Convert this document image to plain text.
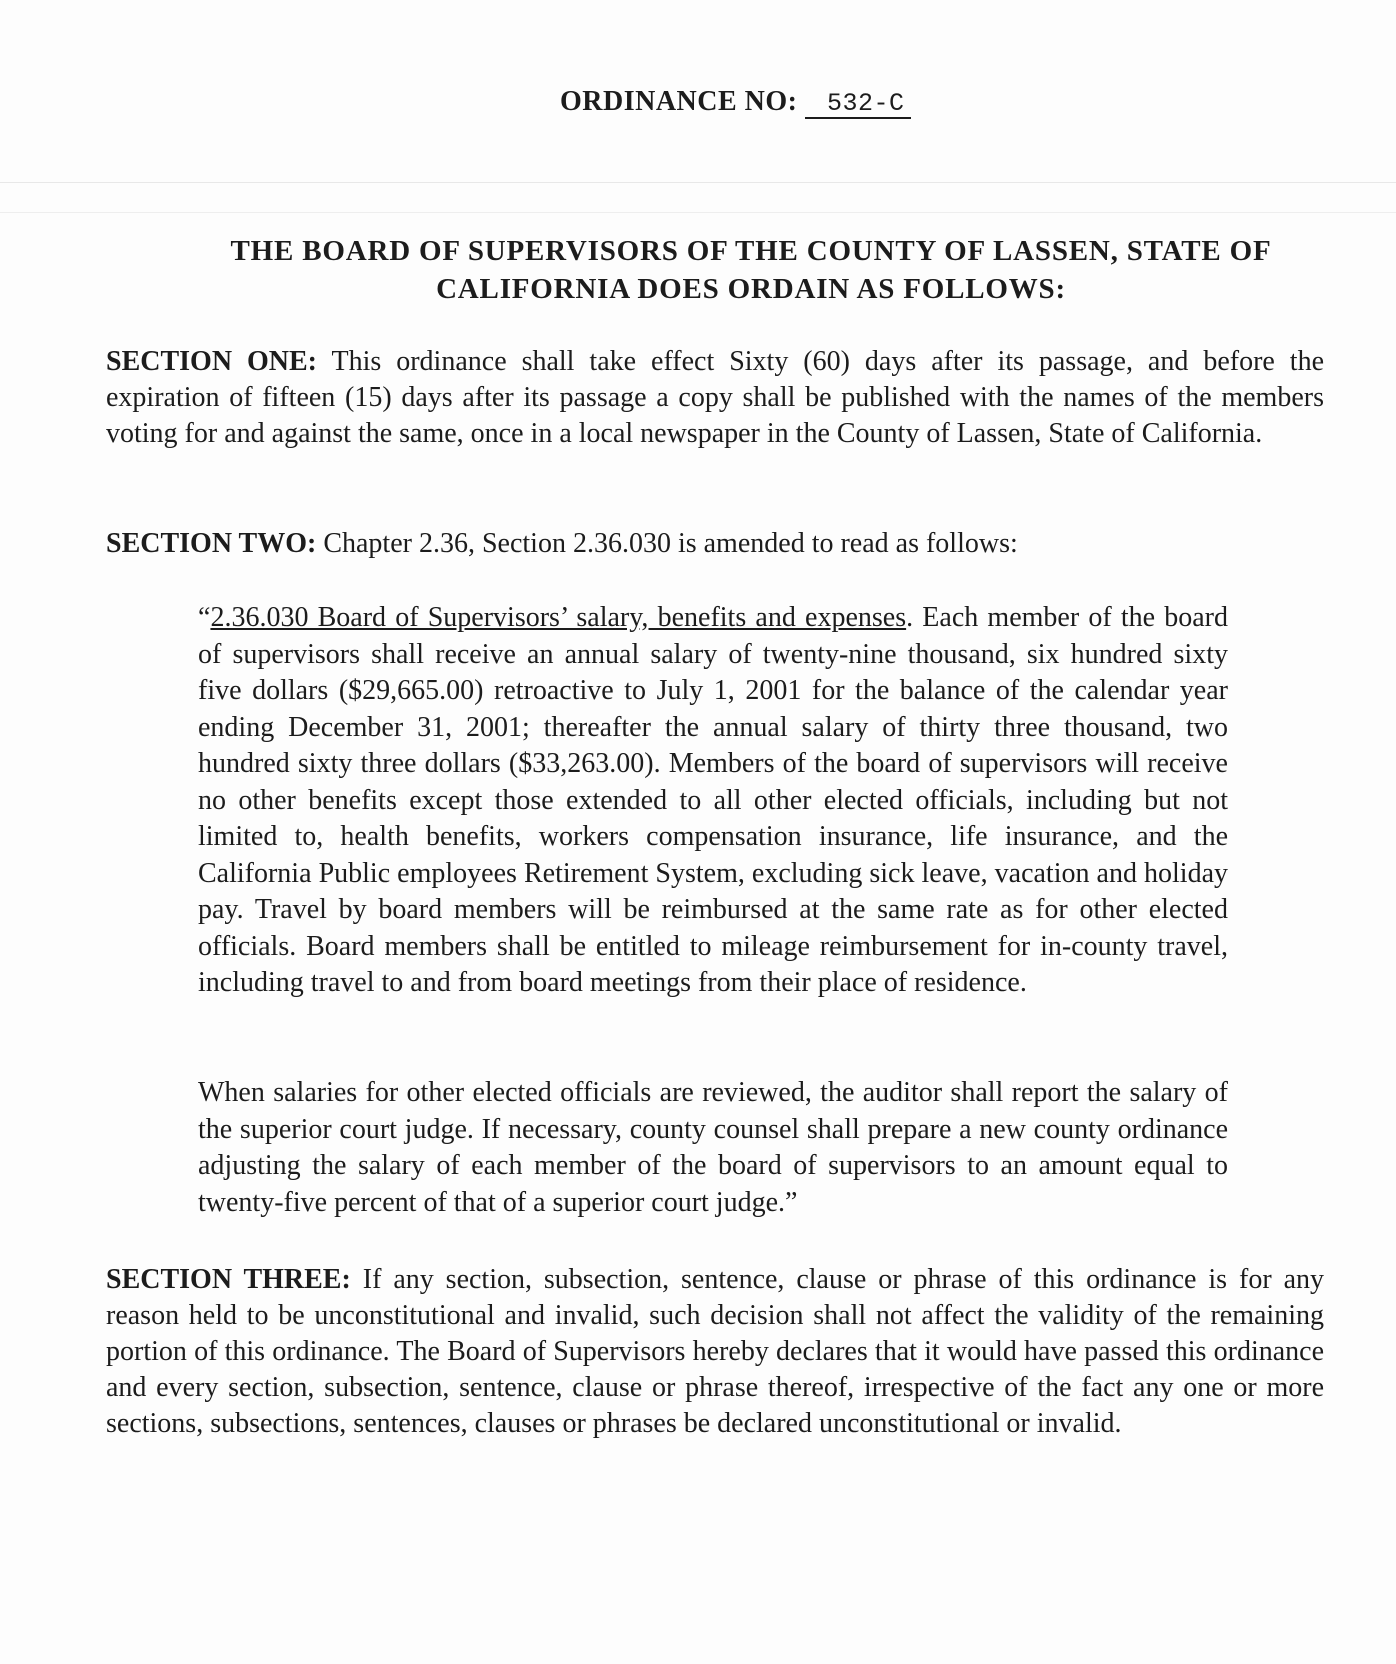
ORDINANCE NO: 532-C
THE BOARD OF SUPERVISORS OF THE COUNTY OF LASSEN, STATE OF CALIFORNIA DOES ORDAIN AS FOLLOWS:
SECTION ONE: This ordinance shall take effect Sixty (60) days after its passage, and before the expiration of fifteen (15) days after its passage a copy shall be published with the names of the members voting for and against the same, once in a local newspaper in the County of Lassen, State of California.
SECTION TWO: Chapter 2.36, Section 2.36.030 is amended to read as follows:
“2.36.030 Board of Supervisors’ salary, benefits and expenses. Each member of the board of supervisors shall receive an annual salary of twenty-nine thousand, six hundred sixty five dollars ($29,665.00) retroactive to July 1, 2001 for the balance of the calendar year ending December 31, 2001; thereafter the annual salary of thirty three thousand, two hundred sixty three dollars ($33,263.00). Members of the board of supervisors will receive no other benefits except those extended to all other elected officials, including but not limited to, health benefits, workers compensation insurance, life insurance, and the California Public employees Retirement System, excluding sick leave, vacation and holiday pay. Travel by board members will be reimbursed at the same rate as for other elected officials. Board members shall be entitled to mileage reimbursement for in-county travel, including travel to and from board meetings from their place of residence.
When salaries for other elected officials are reviewed, the auditor shall report the salary of the superior court judge. If necessary, county counsel shall prepare a new county ordinance adjusting the salary of each member of the board of supervisors to an amount equal to twenty-five percent of that of a superior court judge.”
SECTION THREE: If any section, subsection, sentence, clause or phrase of this ordinance is for any reason held to be unconstitutional and invalid, such decision shall not affect the validity of the remaining portion of this ordinance. The Board of Supervisors hereby declares that it would have passed this ordinance and every section, subsection, sentence, clause or phrase thereof, irrespective of the fact any one or more sections, subsections, sentences, clauses or phrases be declared unconstitutional or invalid.
